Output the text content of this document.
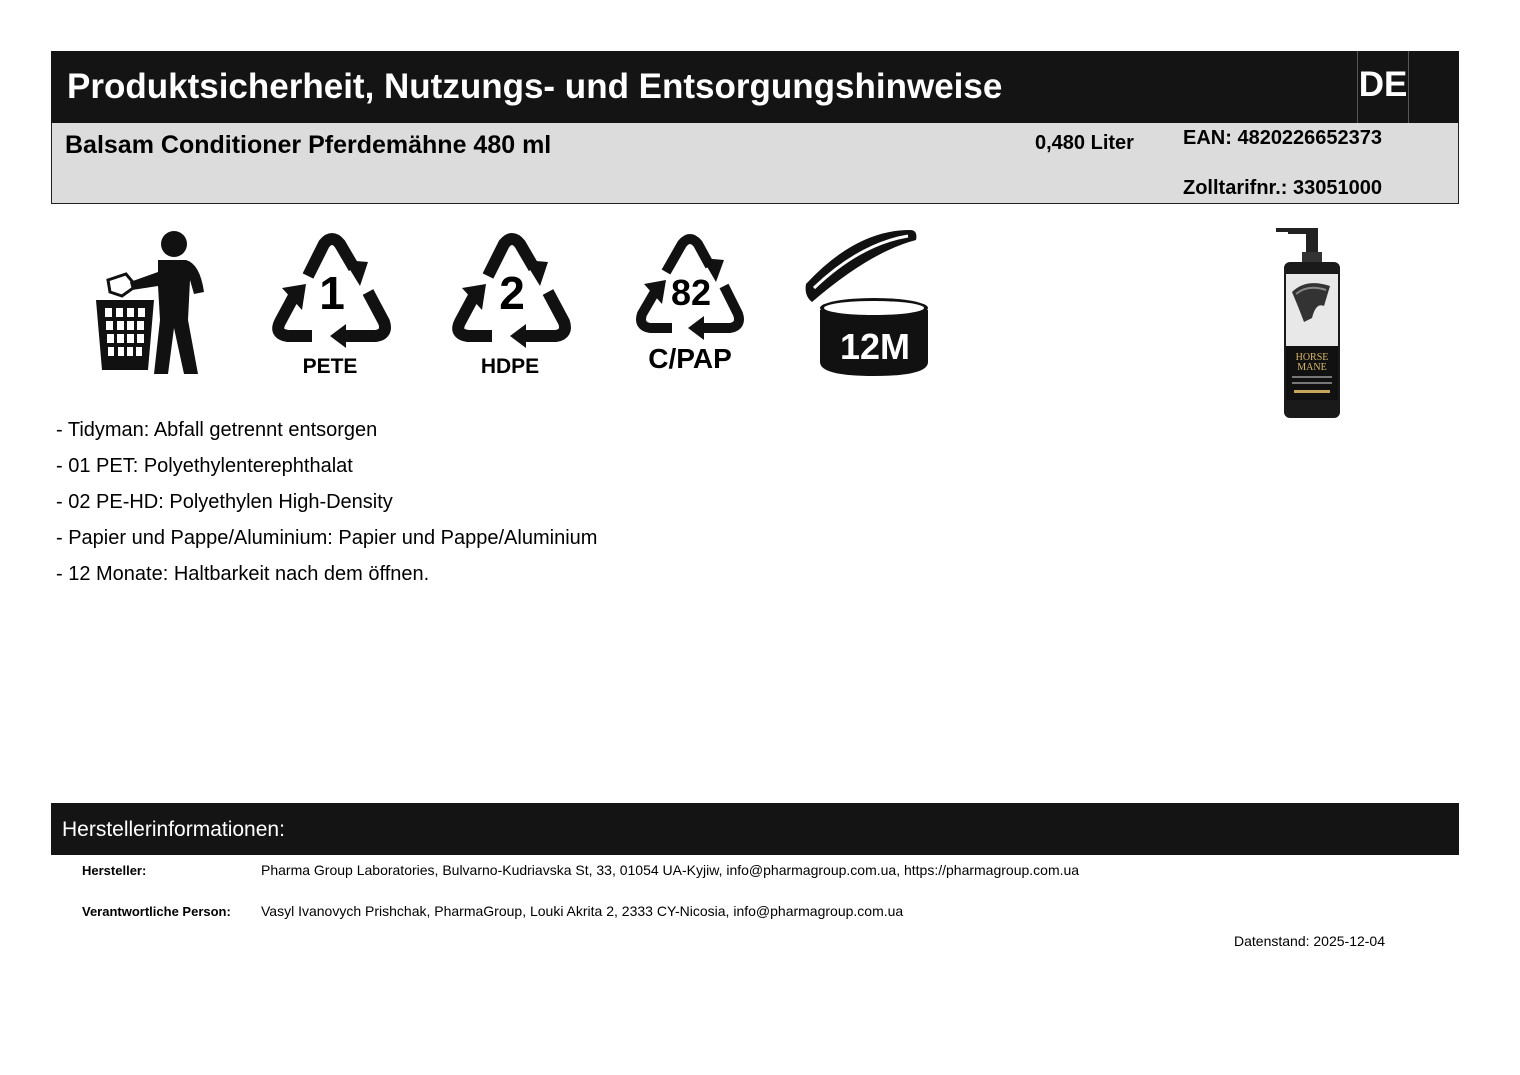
Produktsicherheit, Nutzungs- und Entsorgungshinweise	DE
Balsam Conditioner Pferdemähne 480 ml	0,480 Liter EAN: 4820226652373
Zolltarifnr.: 33051000
1
PETE
2
HDPE
82
C/PAP	12M	HORSE
MANE
- Tidyman: Abfall getrennt entsorgen
- 01 PET: Polyethylenterephthalat
- 02 PE-HD: Polyethylen High-Density
- Papier und Pappe/Aluminium: Papier und Pappe/Aluminium
- 12 Monate: Haltbarkeit nach dem öffnen.
Herstellerinformationen:
Hersteller:	Pharma Group Laboratories, Bulvarno-Kudriavska St, 33, 01054 UA-Kyjiw, info@pharmagroup.com.ua, https://pharmagroup.com.ua
Verantwortliche Person: Vasyl Ivanovych Prishchak, PharmaGroup, Louki Akrita 2, 2333 CY-Nicosia, info@pharmagroup.com.ua
Datenstand: 2025-12-04
